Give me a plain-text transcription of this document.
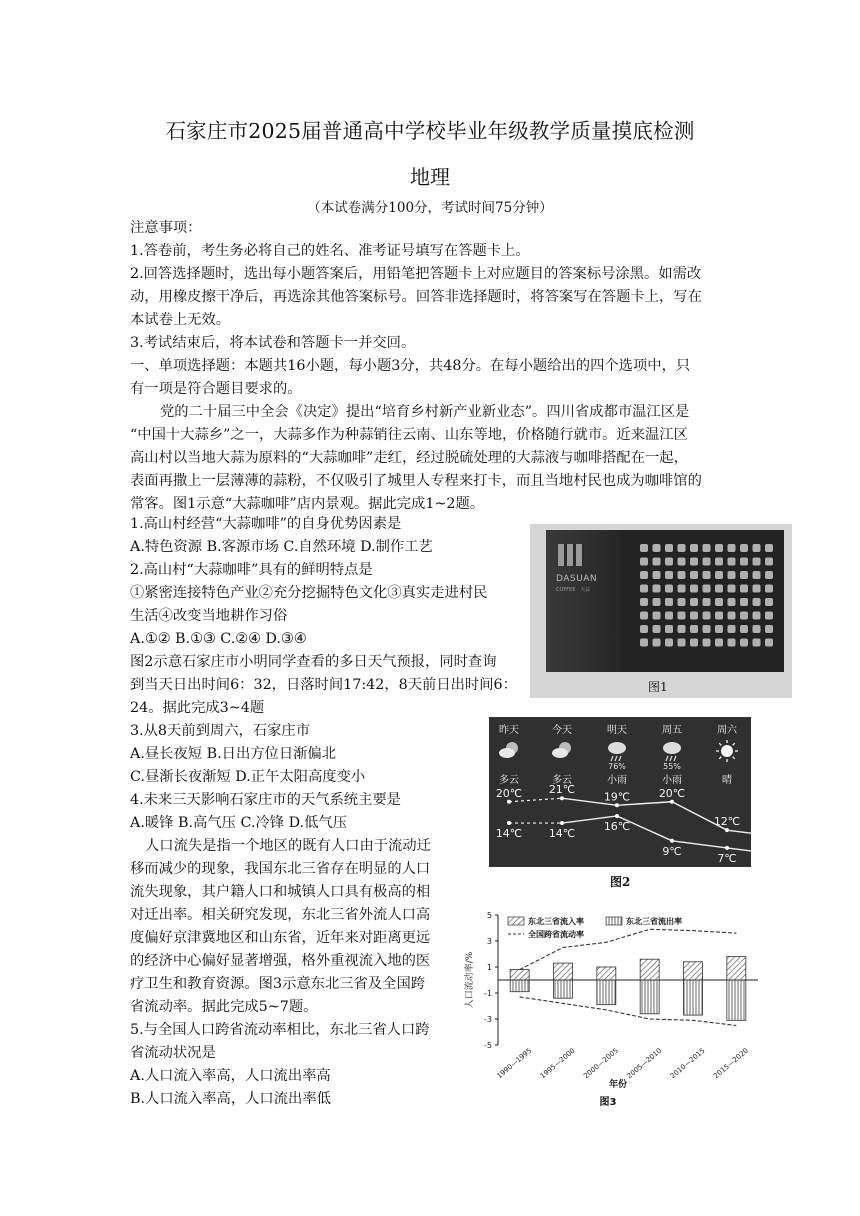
石家庄市2025届普通高中学校毕业年级教学质量摸底检测
地理
（本试卷满分100分，考试时间75分钟）
注意事项：
1.答卷前，考生务必将自己的姓名、准考证号填写在答题卡上。
2.回答选择题时，选出每小题答案后，用铅笔把答题卡上对应题目的答案标号涂黑。如需改
动，用橡皮擦干净后，再选涂其他答案标号。回答非选择题时，将答案写在答题卡上，写在
本试卷上无效。
3.考试结束后，将本试卷和答题卡一并交回。
一、单项选择题：本题共16小题，每小题3分，共48分。在每小题给出的四个选项中，只
有一项是符合题目要求的。
党的二十届三中全会《决定》提出“培育乡村新产业新业态”。四川省成都市温江区是
“中国十大蒜乡”之一，大蒜多作为种蒜销往云南、山东等地，价格随行就市。近来温江区
高山村以当地大蒜为原料的“大蒜咖啡”走红，经过脱硫处理的大蒜液与咖啡搭配在一起，
表面再撒上一层薄薄的蒜粉，不仅吸引了城里人专程来打卡，而且当地村民也成为咖啡馆的
常客。图1示意“大蒜咖啡”店内景观。据此完成1~2题。
1.高山村经营“大蒜咖啡”的自身优势因素是
A.特色资源 B.客源市场 C.自然环境 D.制作工艺
2.高山村“大蒜咖啡”具有的鲜明特点是
①紧密连接特色产业②充分挖掘特色文化③真实走进村民
生活④改变当地耕作习俗
A.①② B.①③ C.②④ D.③④
图2示意石家庄市小明同学查看的多日天气预报，同时查询
到当天日出时间6：32，日落时间17:42，8天前日出时间6：
24。据此完成3~4题
3.从8天前到周六，石家庄市
A.昼长夜短 B.日出方位日渐偏北
C.昼渐长夜渐短 D.正午太阳高度变小
4.未来三天影响石家庄市的天气系统主要是
A.暖锋 B.高气压 C.冷锋 D.低气压
人口流失是指一个地区的既有人口由于流动迁
移而减少的现象，我国东北三省存在明显的人口
流失现象，其户籍人口和城镇人口具有极高的相
对迁出率。相关研究发现，东北三省外流人口高
度偏好京津冀地区和山东省，近年来对距离更远
的经济中心偏好显著增强，格外重视流入地的医
疗卫生和教育资源。图3示意东北三省及全国跨
省流动率。据此完成5~7题。
5.与全国人口跨省流动率相比，东北三省人口跨
省流动状况是
A.人口流入率高，人口流出率高
B.人口流入率高，人口流出率低
DASUAN
COFFEE · 大蒜
图1
昨天
多云
今天
多云
明天
76%
小雨
周五
55%
小雨
周六
晴
20℃
14℃
21℃
14℃
19℃
16℃
20℃
9℃
12℃
7℃
图2
5
3
1
-1
-3
-5
人口流动率/%
1990—1995 1995—2000 2000—2005 2005—2010 2010—2015 2015—2020
东北三省流入率	东北三省流出率
全国跨省流动率
年份
图3
